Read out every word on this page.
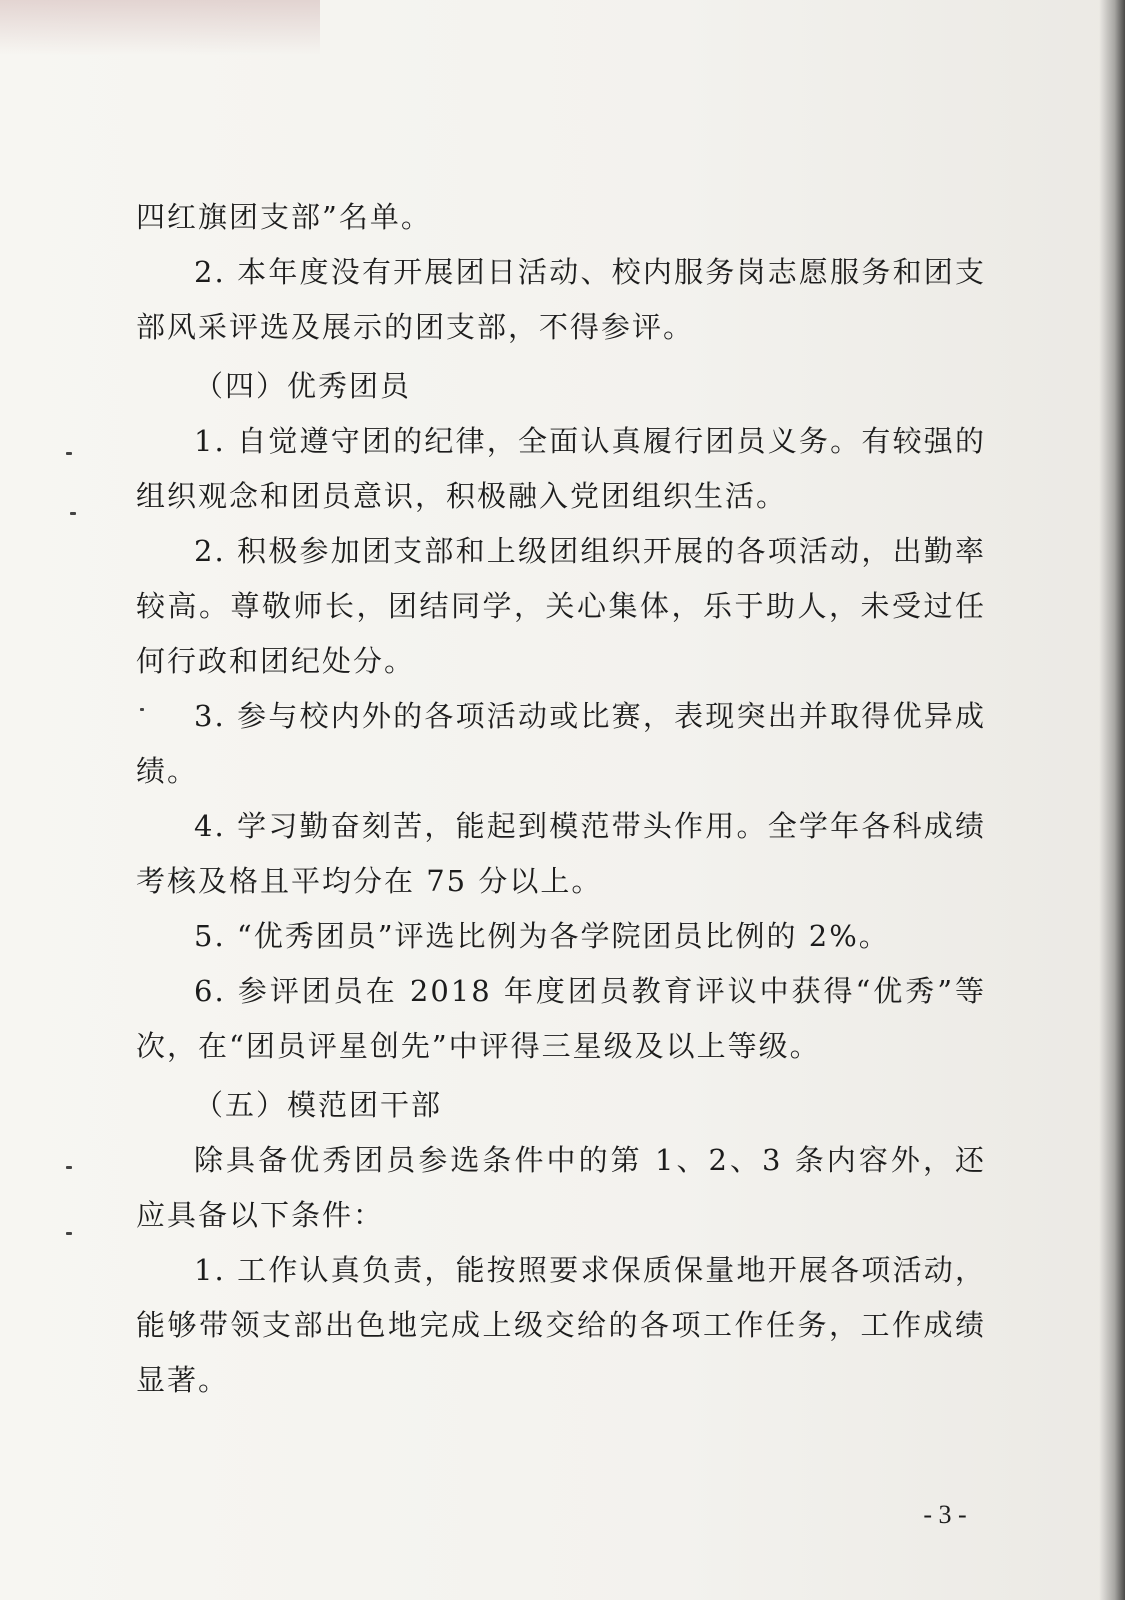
四红旗团支部”名单。

2. 本年度没有开展团日活动、校内服务岗志愿服务和团支部风采评选及展示的团支部，不得参评。

（四）优秀团员

1. 自觉遵守团的纪律，全面认真履行团员义务。有较强的组织观念和团员意识，积极融入党团组织生活。

2. 积极参加团支部和上级团组织开展的各项活动，出勤率较高。尊敬师长，团结同学，关心集体，乐于助人，未受过任何行政和团纪处分。

3. 参与校内外的各项活动或比赛，表现突出并取得优异成绩。

4. 学习勤奋刻苦，能起到模范带头作用。全学年各科成绩考核及格且平均分在 75 分以上。

5. “优秀团员”评选比例为各学院团员比例的 2%。

6. 参评团员在 2018 年度团员教育评议中获得“优秀”等次，在“团员评星创先”中评得三星级及以上等级。

（五）模范团干部

除具备优秀团员参选条件中的第 1、2、3 条内容外，还应具备以下条件：

1. 工作认真负责，能按照要求保质保量地开展各项活动，能够带领支部出色地完成上级交给的各项工作任务，工作成绩显著。

- 3 -
